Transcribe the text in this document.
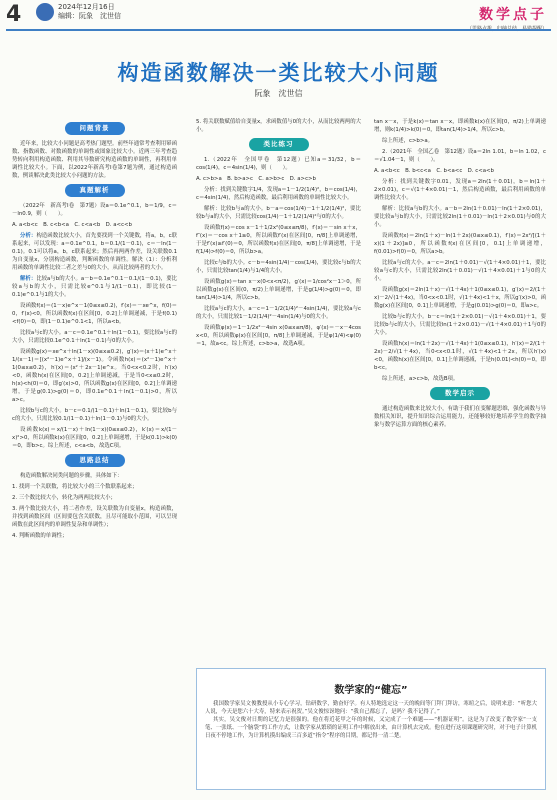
4	2024年12月16日
编辑：阮象　沈世信	数学点子
构造函数解决一类比较大小问题
阮象　沈世信
问题背景

近年来，比较大小问题是高考热门题型。前些年通常考查利用幂函数、指数函数、对数函数的单调性或图象比较大小。近两三年考查趋势转向利用构造函数、利用其导数研究构造函数的单调性，再利用单调性比较大小。下面，以2022年新高考Ⅰ卷第7题为例，通过构造函数，例谈解决此类比较大小问题的方法。

真题解析

（2022年　新高考Ⅰ卷　第7题）设a＝0.1e^0.1，b＝1/9，c＝－ln0.9，则（　　）。

A. a<b<c　B. c<b<a　C. c<a<b　D. a<c<b

分析：构造函数比较大小，首先要找到一个关键数，将a，b，c联系起来，可以发现：a＝0.1e^0.1，b＝0.1/(1－0.1)，c＝－ln(1－0.1)。0.1可以将a，b，c联系起来；然后再两两作差，设关联数0.1为自变量x，分别构造函数，判断函数的单调性。解决（1）：分析利用函数的单调性比较二者之差与0的大小，从而比较两者的大小。

解析：比较a与b的大小。a－b＝0.1e^0.1－0.1/(1－0.1)，要比较a与b的大小，只需比较e^0.1与1/(1－0.1)，即比较(1－0.1)e^0.1与1的大小。

设函数f(x)＝(1－x)e^x－1(0≤x≤0.2)，f′(x)＝－xe^x，f(0)＝0，f′(x)<0，所以函数f(x)在区间[0，0.2]上单调递减，于是f(0.1)<f(0)＝0，即(1－0.1)e^0.1<1，所以a<b。

比较a与c的大小。a－c＝0.1e^0.1＋ln(1－0.1)，要比较a与c的大小，只需比较0.1e^0.1＋ln(1－0.1)与0的大小。

设函数g(x)＝xe^x＋ln(1－x)(0≤x≤0.2)，g′(x)＝(x＋1)e^x＋1/(x－1)＝[(x²－1)e^x＋1]/(x－1)。令函数h(x)＝(x²－1)e^x＋1(0≤x≤0.2)，h′(x)＝(x²＋2x－1)e^x。当0<x<0.2时，h′(x)<0，函数h(x)在区间[0，0.2]上单调递减，于是当0<x≤0.2时，h(x)<h(0)＝0，即g′(x)>0，所以函数g(x)在区间[0，0.2]上单调递增，于是g(0.1)>g(0)＝0，即0.1e^0.1＋ln(1－0.1)>0，所以a>c。

比较b与c的大小。b－c＝0.1/(1－0.1)＋ln(1－0.1)，要比较b与c的大小，只需比较0.1/(1－0.1)＋ln(1－0.1)与0的大小。

设函数k(x)＝x/(1－x)＋ln(1－x)(0≤x≤0.2)，k′(x)＝x/(1－x)²>0，所以函数k(x)在区间[0，0.2]上单调递增，于是k(0.1)>k(0)＝0，即b>c。综上所述，c<a<b，故选C项。

思路总结

构造函数解决同类问题的步骤，具体如下：

1. 找到一个关联数，将比较大小的三个数联系起来；

2. 三个数比较大小，转化为两两比较大小；

3. 两个数比较大小，将二者作差，设关联数为自变量x，构造函数，并找到函数区间（区间要包含关联数，且尽可能取小范围，可以呈现函数在此区间内的单调性复杂和单调性）；

4. 判断函数的单调性；

5. 将关联数赋值给自变量x，求函数值与0的大小，从而比较两两的大小。

类比练习

1.（2022年　全国甲卷　第12题）已知a＝31/32，b＝cos(1/4)，c＝4sin(1/4)，则（　　）。

A. c>b>a　B. b>a>c　C. a>b>c　D. a>c>b

分析：找到关键数字1/4，发现a＝1－1/2(1/4)²，b＝cos(1/4)，c＝4sin(1/4)，然后构造函数，最后利用函数的单调性比较大小。

解析：比较b与a的大小。b－a＝cos(1/4)－1＋1/2(1/4)²，要比较b与a的大小，只需比较cos(1/4)－1＋1/2(1/4)²与0的大小。

设函数f(x)＝cos x－1＋1/2x²(0≤x≤π/8)，f′(x)＝－sin x＋x，f″(x)＝－cos x＋1≥0，所以函数f′(x)在区间[0，π/8]上单调递增，于是f′(x)≥f′(0)＝0，所以函数f(x)在区间[0，π/8]上单调递增，于是f(1/4)>f(0)＝0，所以b>a。

比较c与b的大小。c－b＝4sin(1/4)－cos(1/4)，要比较c与b的大小，只需比较tan(1/4)与1/4的大小。

设函数g(x)＝tan x－x(0<x<π/2)，g′(x)＝1/cos²x－1＞0，所以函数g(x)在区间(0，π/2)上单调递增，于是g(1/4)>g(0)＝0，即tan(1/4)>1/4，所以c>b。

比较a与c的大小，a－c＝1－1/2(1/4)²－4sin(1/4)，要比较a与c的大小，只需比较1－1/2(1/4)²－4sin(1/4)与0的大小。

设函数φ(x)＝1－1/2x²－4sin x(0≤x≤π/8)，φ′(x)＝－x－4cos x<0，所以函数φ(x)在区间[0，π/8]上单调递减，于是φ(1/4)<φ(0)＝1，故a<c。综上所述，c>b>a，故选A项。

tan x－x，于是k(x)＝tan x－x，即函数k(x)在区间[0，π/2)上单调递增，则k(1/4)>k(0)＝0，即tan(1/4)>1/4，所以c>b。

综上所述，c>b>a。

2.（2021年　全国乙卷　第12题）设a＝2ln 1.01，b＝ln 1.02，c＝√1.04－1，则（　　）。

A. a<b<c　B. b<c<a　C. b<a<c　D. c<a<b

分析：找到关键数字0.01，发现a＝2ln(1＋0.01)，b＝ln(1＋2×0.01)，c＝√(1＋4×0.01)－1，然后构造函数，最后利用函数的单调性比较大小。

解析：比较a与b的大小。a－b＝2ln(1＋0.01)－ln(1＋2×0.01)，要比较a与b的大小，只需比较2ln(1＋0.01)－ln(1＋2×0.01)与0的大小。

设函数f(x)＝2ln(1＋x)－ln(1＋2x)(0≤x≤0.1)，f′(x)＝2x²/[(1＋x)(1＋2x)]≥0，所以函数f(x)在区间[0，0.1]上单调递增，f(0.01)>f(0)＝0，所以a>b。

比较a与c的大小。a－c＝2ln(1＋0.01)－√(1＋4×0.01)＋1，要比较a与c的大小，只需比较2ln(1＋0.01)－√(1＋4×0.01)＋1与0的大小。

设函数g(x)＝2ln(1＋x)－√(1＋4x)＋1(0≤x≤0.1)，g′(x)＝2/(1＋x)－2/√(1＋4x)，当0<x<0.1时，√(1＋4x)<1＋x，所以g′(x)>0，函数g(x)在区间[0，0.1]上单调递增，于是g(0.01)>g(0)＝0，即a>c。

比较b与c的大小。b－c＝ln(1＋2×0.01)－√(1＋4×0.01)＋1，要比较b与c的大小，只需比较ln(1＋2×0.01)－√(1＋4×0.01)＋1与0的大小。

设函数h(x)＝ln(1＋2x)－√(1＋4x)＋1(0≤x≤0.1)，h′(x)＝2/(1＋2x)－2/√(1＋4x)，当0<x<0.1时，√(1＋4x)<1＋2x，所以h′(x)<0，函数h(x)在区间[0，0.1]上单调递减，于是h(0.01)<h(0)＝0，即b<c。

综上所述，a>c>b，故选B项。

数学启示

通过构造函数来比较大小，有助于我们在变解题思维，强化函数与导数相关知识，提升知识综合运用能力，还能够较好地培养学生的数学抽象与数学运算方面的核心素养。

数学家的“健忘”

我国数学家吴文俊教授从小专心学习，钻研数学，勤奋好学。有人特地选定这一天的晚间等门拜门拜访，寒暄之后，说明来意：“听您大人说，今天是您六十大寿，特来表示祝贺。”吴文俊惊讶地问：“我自己都忘了，是吗？我不记得了。”

其实，吴文俊对日期的记忆力是很强的。他在将近花甲之年的时候，又完成了一个难题——“机器证明”。这是为了改变了数学家“一支笔、一张纸、一个脑袋”的工作方式，让数学家从繁琐的证明工作中解放出来，由计算机去完成。他在进行这项课题研究时，对于电子计算机日夜不停地工作，为计算机摸出编成三百多道“指令”程序的目期，都记得一清二楚。
